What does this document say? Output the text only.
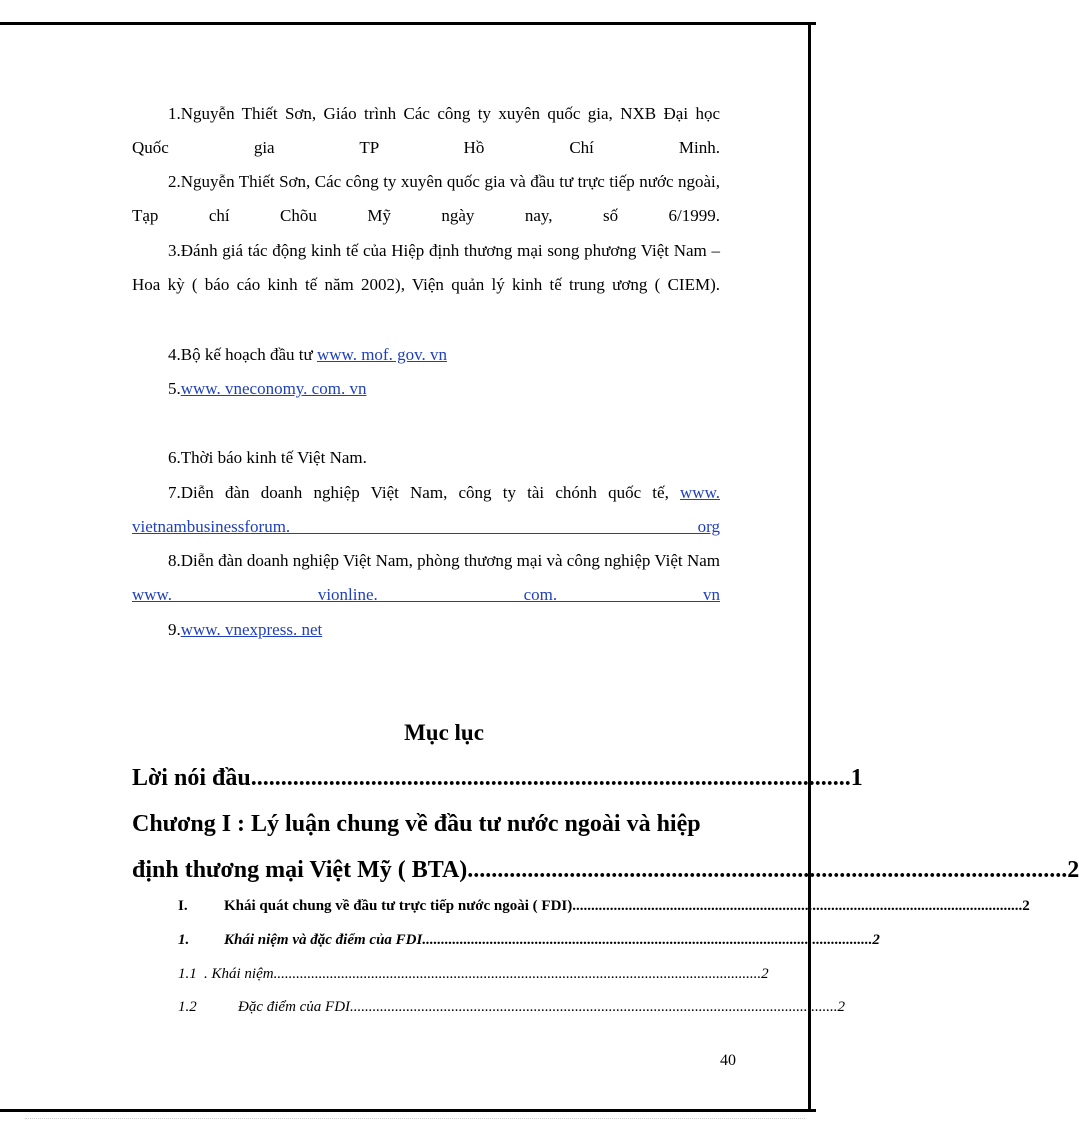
1.Nguyễn Thiết Sơn, Giáo trình Các công ty xuyên quốc gia, NXB Đại học Quốc gia TP Hồ Chí Minh.

2.Nguyễn Thiết Sơn, Các công ty xuyên quốc gia và đầu tư trực tiếp nước ngoài, Tạp chí Chõu Mỹ ngày nay, số 6/1999.

3.Đánh giá tác động kinh tế của Hiệp định thương mại song phương Việt Nam – Hoa kỳ ( báo cáo kinh tế năm 2002), Viện quản lý kinh tế trung ương ( CIEM).

4.Bộ kế hoạch đầu tư www. mof. gov. vn

5.www. vneconomy. com. vn

6.Thời báo kinh tế Việt Nam.

7.Diễn đàn doanh nghiệp Việt Nam, công ty tài chónh quốc tế, www. vietnambusinessforum. org

8.Diễn đàn doanh nghiệp Việt Nam, phòng thương mại và công nghiệp Việt Nam www. vionline. com. vn

9.www. vnexpress. net

Mục lục
Lời nói đầu .................................................................................................... 1
Chương I : Lý luận chung về đầu tư nước ngoài và hiệp
định thương mại Việt Mỹ ( BTA) .................................................................................................... 2
I. Khái quát chung về đầu tư trực tiếp nước ngoài ( FDI) ........................................................................................................................ 2
1. Khái niệm và đặc điểm của FDI ........................................................................................................................ 2
1.1 . Khái niệm .................................................................................................................................. 2
1.2	Đặc điểm của FDI .................................................................................................................................. 2
40
